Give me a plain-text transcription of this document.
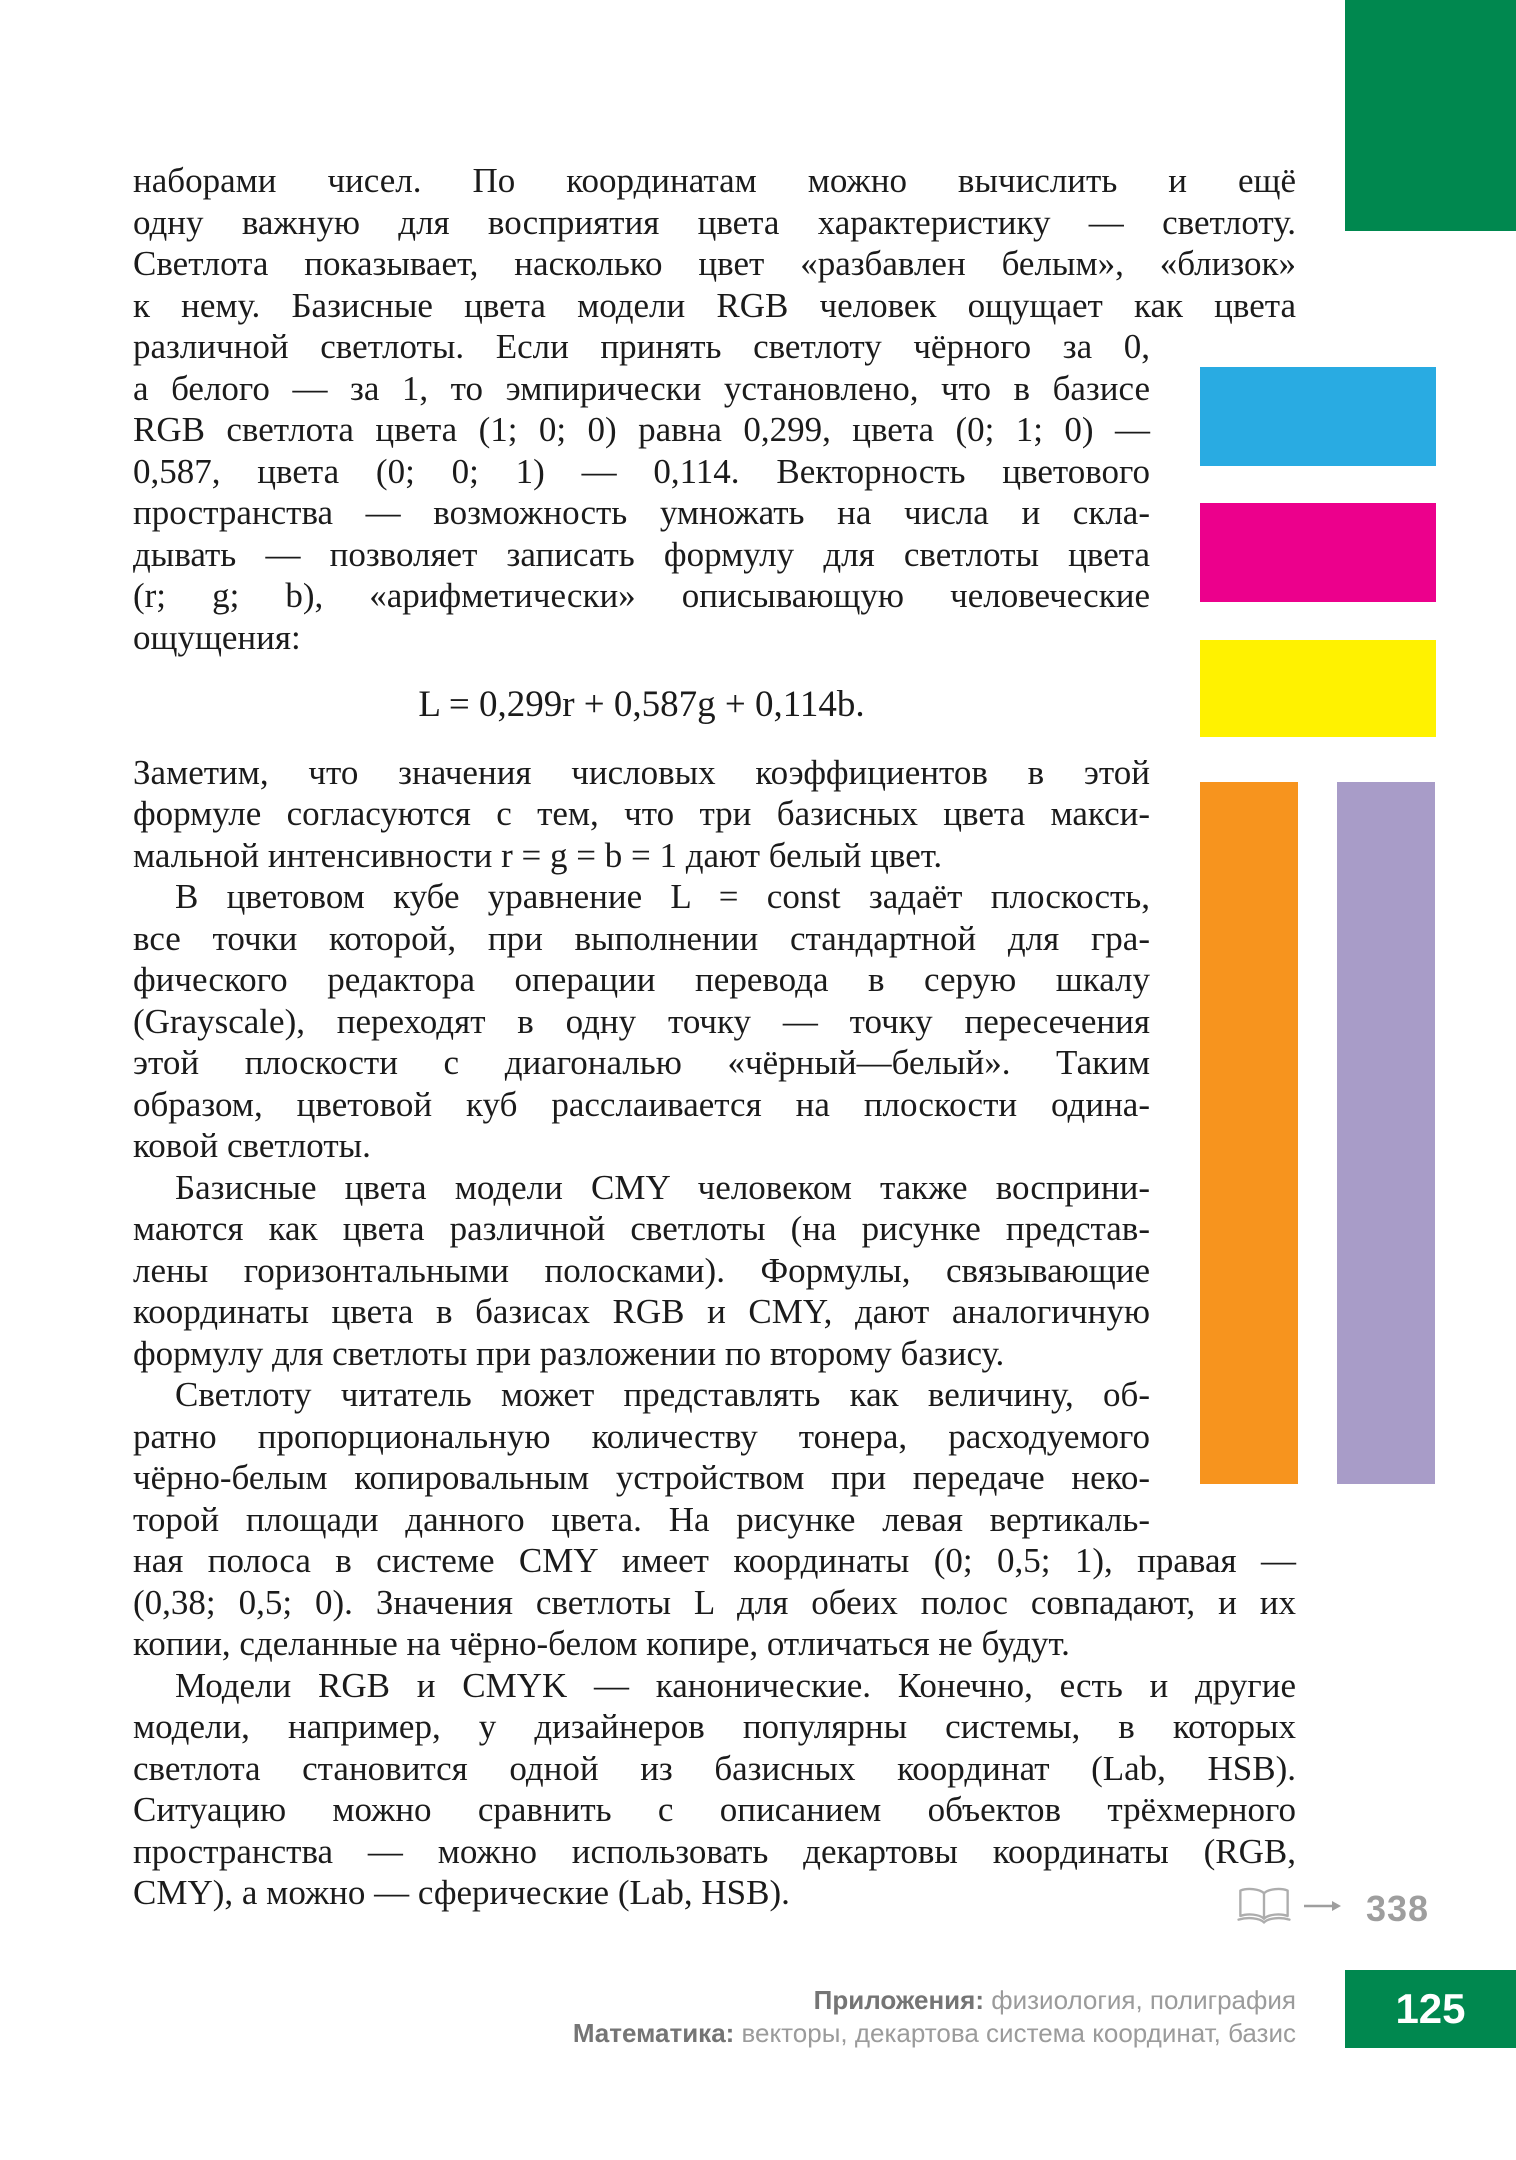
наборами чисел. По координатам можно вычислить и ещё
одну важную для восприятия цвета характеристику — светлоту.
Светлота показывает, насколько цвет «разбавлен белым», «близок»
к нему. Базисные цвета модели RGB человек ощущает как цвета
различной светлоты. Если принять светлоту чёрного за 0,
а белого — за 1, то эмпирически установлено, что в базисе
RGB светлота цвета (1; 0; 0) равна 0,299, цвета (0; 1; 0) —
0,587, цвета (0; 0; 1) — 0,114. Векторность цветового
пространства — возможность умножать на числа и скла-
дывать — позволяет записать формулу для светлоты цвета
(r; g; b), «арифметически» описывающую человеческие
ощущения:
L = 0,299r + 0,587g + 0,114b.
Заметим, что значения числовых коэффициентов в этой
формуле согласуются с тем, что три базисных цвета макси-
мальной интенсивности r = g = b = 1 дают белый цвет.
В цветовом кубе уравнение L = const задаёт плоскость,
все точки которой, при выполнении стандартной для гра-
фического редактора операции перевода в серую шкалу
(Grayscale), переходят в одну точку — точку пересечения
этой плоскости с диагональю «чёрный—белый». Таким
образом, цветовой куб расслаивается на плоскости одина-
ковой светлоты.
Базисные цвета модели CMY человеком также восприни-
маются как цвета различной светлоты (на рисунке представ-
лены горизонтальными полосками). Формулы, связывающие
координаты цвета в базисах RGB и CMY, дают аналогичную
формулу для светлоты при разложении по второму базису.
Светлоту читатель может представлять как величину, об-
ратно пропорциональную количеству тонера, расходуемого
чёрно-белым копировальным устройством при передаче неко-
торой площади данного цвета. На рисунке левая вертикаль-
ная полоса в системе CMY имеет координаты (0; 0,5; 1), правая —
(0,38; 0,5; 0). Значения светлоты L для обеих полос совпадают, и их
копии, сделанные на чёрно-белом копире, отличаться не будут.
Модели RGB и CMYK — канонические. Конечно, есть и другие
модели, например, у дизайнеров популярны системы, в которых
светлота становится одной из базисных координат (Lab, HSB).
Ситуацию можно сравнить с описанием объектов трёхмерного
пространства — можно использовать декартовы координаты (RGB,
CMY), а можно — сферические (Lab, HSB).	338
Приложения: физиология, полиграфия
Математика: векторы, декартова система координат, базис
125
